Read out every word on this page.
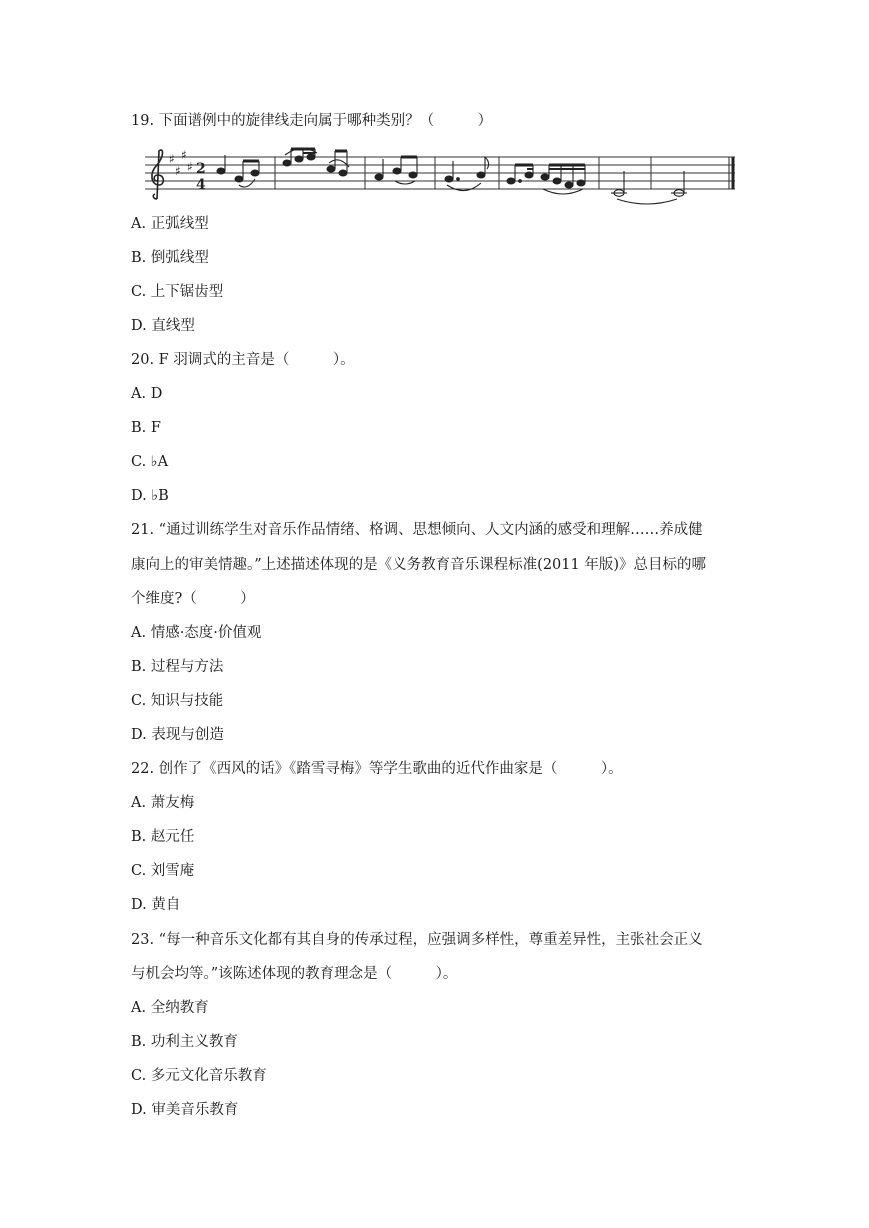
19. 下面谱例中的旋律线走向属于哪种类别？（　　　）
♯
♯
♯
♯ 2
4
A. 正弧线型
B. 倒弧线型
C. 上下锯齿型
D. 直线型
20. F 羽调式的主音是（　　　）。
A. D
B. F
C. ♭A
D. ♭B
21. “通过训练学生对音乐作品情绪、格调、思想倾向、人文内涵的感受和理解……养成健
康向上的审美情趣。”上述描述体现的是《义务教育音乐课程标准(2011 年版)》总目标的哪
个维度?（　　　）
A. 情感·态度·价值观
B. 过程与方法
C. 知识与技能
D. 表现与创造
22. 创作了《西风的话》《踏雪寻梅》等学生歌曲的近代作曲家是（　　　）。
A. 萧友梅
B. 赵元任
C. 刘雪庵
D. 黄自
23. “每一种音乐文化都有其自身的传承过程，应强调多样性，尊重差异性，主张社会正义
与机会均等。”该陈述体现的教育理念是（　　　）。
A. 全纳教育
B. 功利主义教育
C. 多元文化音乐教育
D. 审美音乐教育
